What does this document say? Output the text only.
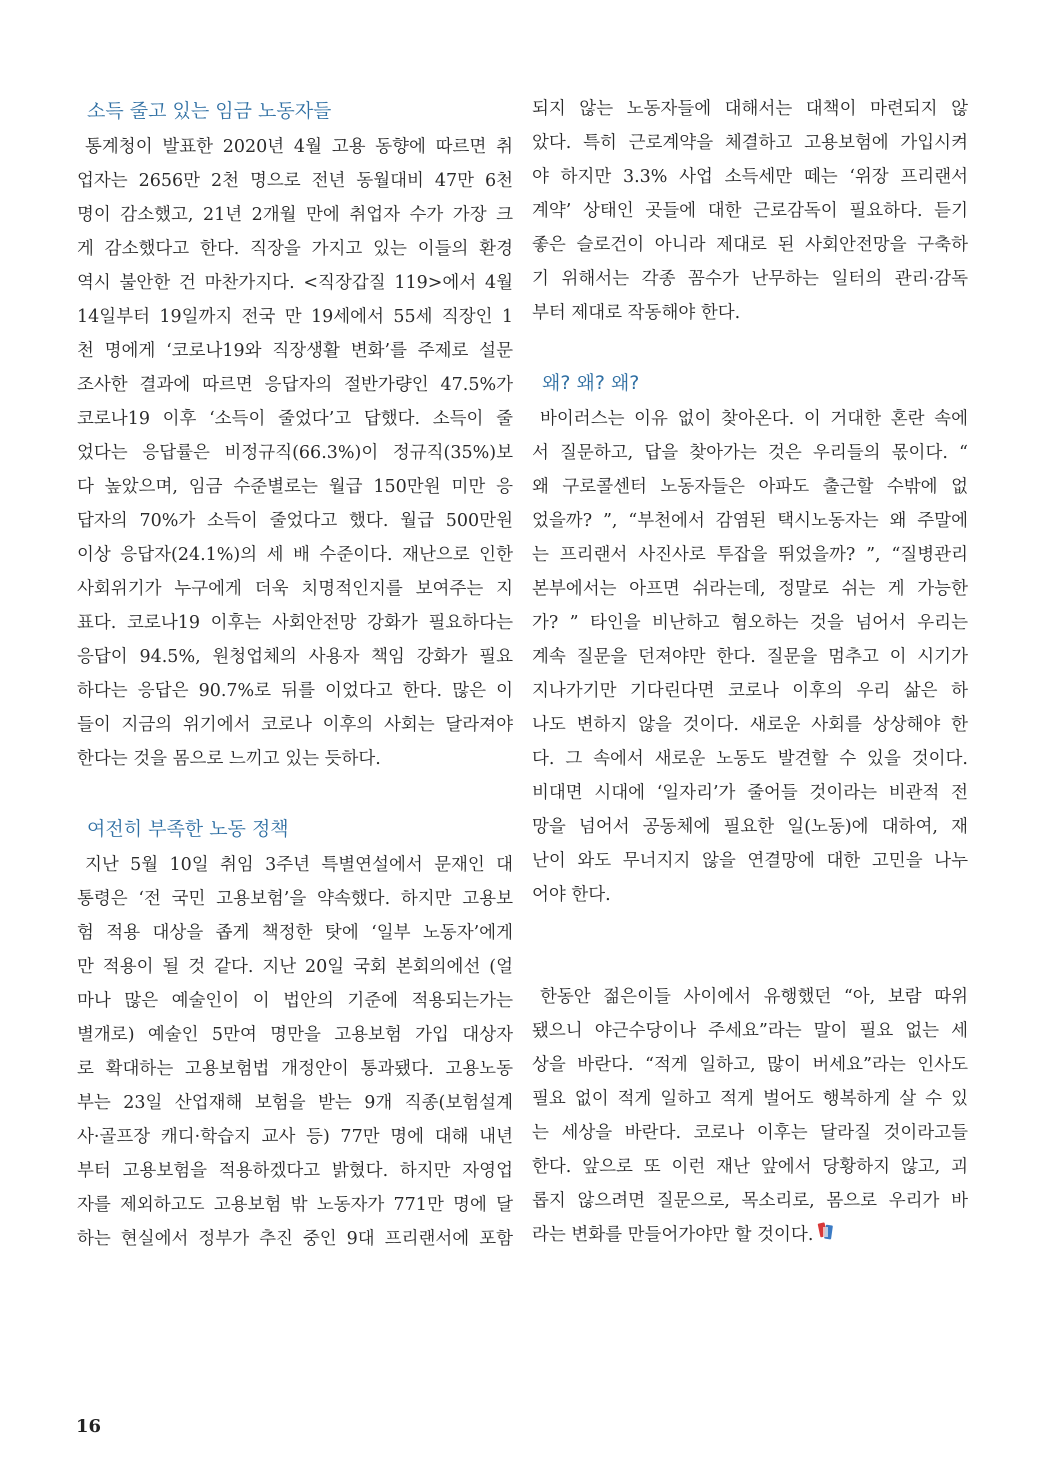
소득 줄고 있는 임금 노동자들
통계청이 발표한 2020년 4월 고용 동향에 따르면 취
업자는 2656만 2천 명으로 전년 동월대비 47만 6천
명이 감소했고, 21년 2개월 만에 취업자 수가 가장 크
게 감소했다고 한다. 직장을 가지고 있는 이들의 환경
역시 불안한 건 마찬가지다. <직장갑질 119>에서 4월
14일부터 19일까지 전국 만 19세에서 55세 직장인 1
천 명에게 ‘코로나19와 직장생활 변화’를 주제로 설문
조사한 결과에 따르면 응답자의 절반가량인 47.5%가
코로나19 이후 ‘소득이 줄었다’고 답했다. 소득이 줄
었다는 응답률은 비정규직(66.3%)이 정규직(35%)보
다 높았으며, 임금 수준별로는 월급 150만원 미만 응
답자의 70%가 소득이 줄었다고 했다. 월급 500만원
이상 응답자(24.1%)의 세 배 수준이다. 재난으로 인한
사회위기가 누구에게 더욱 치명적인지를 보여주는 지
표다. 코로나19 이후는 사회안전망 강화가 필요하다는
응답이 94.5%, 원청업체의 사용자 책임 강화가 필요
하다는 응답은 90.7%로 뒤를 이었다고 한다. 많은 이
들이 지금의 위기에서 코로나 이후의 사회는 달라져야
한다는 것을 몸으로 느끼고 있는 듯하다.
여전히 부족한 노동 정책
지난 5월 10일 취임 3주년 특별연설에서 문재인 대
통령은 ‘전 국민 고용보험’을 약속했다. 하지만 고용보
험 적용 대상을 좁게 책정한 탓에 ‘일부 노동자’에게
만 적용이 될 것 같다. 지난 20일 국회 본회의에선 (얼
마나 많은 예술인이 이 법안의 기준에 적용되는가는
별개로) 예술인 5만여 명만을 고용보험 가입 대상자
로 확대하는 고용보험법 개정안이 통과됐다. 고용노동
부는 23일 산업재해 보험을 받는 9개 직종(보험설계
사·골프장 캐디·학습지 교사 등) 77만 명에 대해 내년
부터 고용보험을 적용하겠다고 밝혔다. 하지만 자영업
자를 제외하고도 고용보험 밖 노동자가 771만 명에 달
하는 현실에서 정부가 추진 중인 9대 프리랜서에 포함
되지 않는 노동자들에 대해서는 대책이 마련되지 않
았다. 특히 근로계약을 체결하고 고용보험에 가입시켜
야 하지만 3.3% 사업 소득세만 떼는 ‘위장 프리랜서
계약’ 상태인 곳들에 대한 근로감독이 필요하다. 듣기
좋은 슬로건이 아니라 제대로 된 사회안전망을 구축하
기 위해서는 각종 꼼수가 난무하는 일터의 관리·감독
부터 제대로 작동해야 한다.
왜? 왜? 왜?
바이러스는 이유 없이 찾아온다. 이 거대한 혼란 속에
서 질문하고, 답을 찾아가는 것은 우리들의 몫이다. “
왜 구로콜센터 노동자들은 아파도 출근할 수밖에 없
었을까? ”, “부천에서 감염된 택시노동자는 왜 주말에
는 프리랜서 사진사로 투잡을 뛰었을까? ”, “질병관리
본부에서는 아프면 쉬라는데, 정말로 쉬는 게 가능한
가? ” 타인을 비난하고 혐오하는 것을 넘어서 우리는
계속 질문을 던져야만 한다. 질문을 멈추고 이 시기가
지나가기만 기다린다면 코로나 이후의 우리 삶은 하
나도 변하지 않을 것이다. 새로운 사회를 상상해야 한
다. 그 속에서 새로운 노동도 발견할 수 있을 것이다.
비대면 시대에 ‘일자리’가 줄어들 것이라는 비관적 전
망을 넘어서 공동체에 필요한 일(노동)에 대하여, 재
난이 와도 무너지지 않을 연결망에 대한 고민을 나누
어야 한다.
한동안 젊은이들 사이에서 유행했던 “아, 보람 따위
됐으니 야근수당이나 주세요”라는 말이 필요 없는 세
상을 바란다. “적게 일하고, 많이 버세요”라는 인사도
필요 없이 적게 일하고 적게 벌어도 행복하게 살 수 있
는 세상을 바란다. 코로나 이후는 달라질 것이라고들
한다. 앞으로 또 이런 재난 앞에서 당황하지 않고, 괴
롭지 않으려면 질문으로, 목소리로, 몸으로 우리가 바
라는 변화를 만들어가야만 할 것이다.
16
